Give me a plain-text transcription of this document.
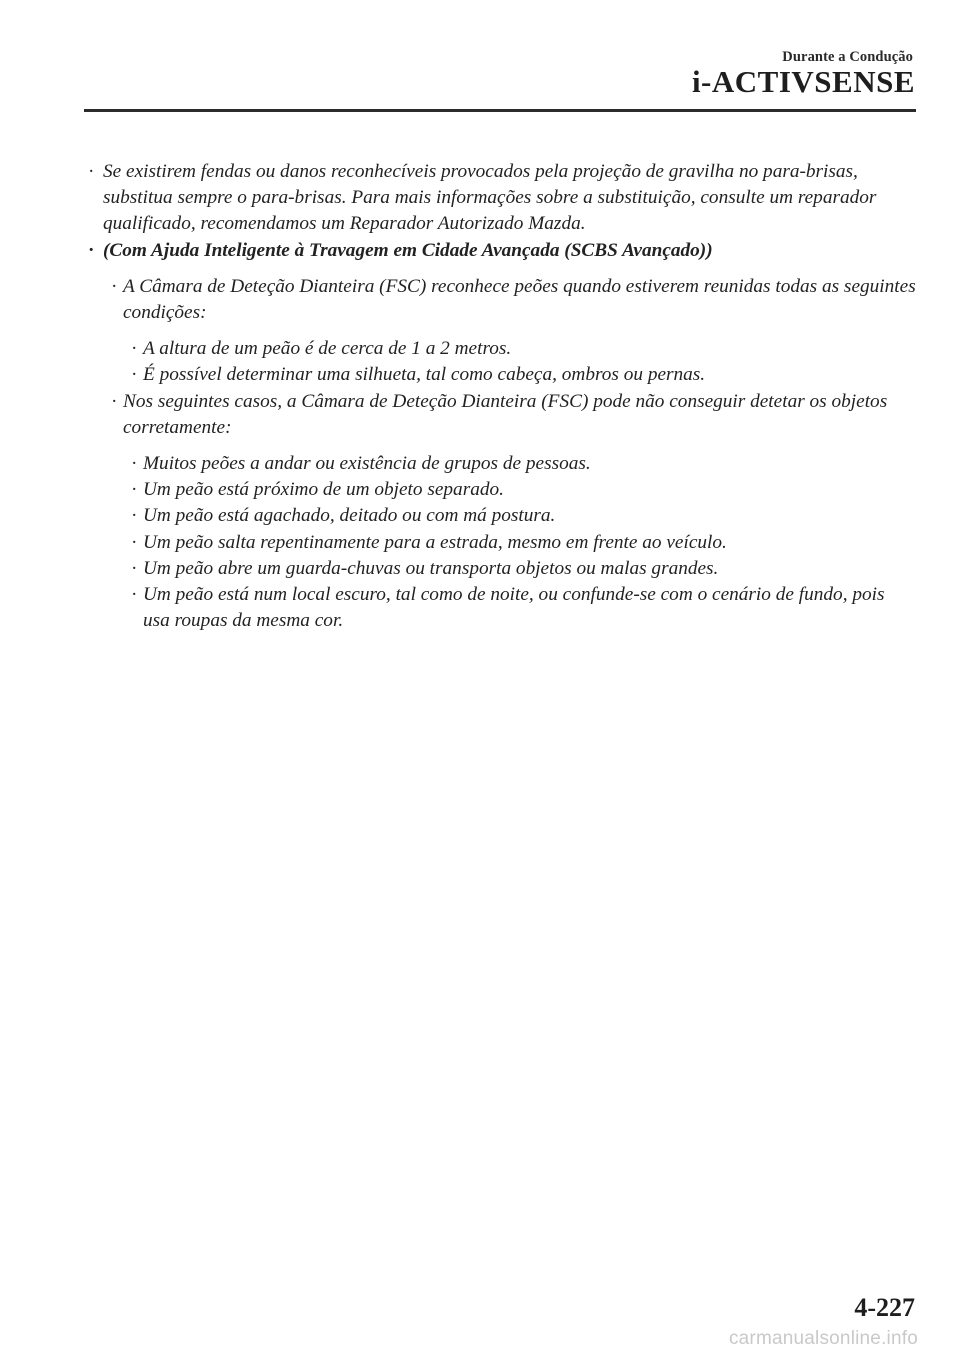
Durante a Condução
i-ACTIVSENSE
· Se existirem fendas ou danos reconhecíveis provocados pela projeção de gravilha no para-brisas, substitua sempre o para-brisas. Para mais informações sobre a substituição, consulte um reparador qualificado, recomendamos um Reparador Autorizado Mazda.
· (Com Ajuda Inteligente à Travagem em Cidade Avançada (SCBS Avançado))
· A Câmara de Deteção Dianteira (FSC) reconhece peões quando estiverem reunidas todas as seguintes condições:
· A altura de um peão é de cerca de 1 a 2 metros.
· É possível determinar uma silhueta, tal como cabeça, ombros ou pernas.
· Nos seguintes casos, a Câmara de Deteção Dianteira (FSC) pode não conseguir detetar os objetos corretamente:
· Muitos peões a andar ou existência de grupos de pessoas.
· Um peão está próximo de um objeto separado.
· Um peão está agachado, deitado ou com má postura.
· Um peão salta repentinamente para a estrada, mesmo em frente ao veículo.
· Um peão abre um guarda-chuvas ou transporta objetos ou malas grandes.
· Um peão está num local escuro, tal como de noite, ou confunde-se com o cenário de fundo, pois usa roupas da mesma cor.
4-227
carmanualsonline.info
